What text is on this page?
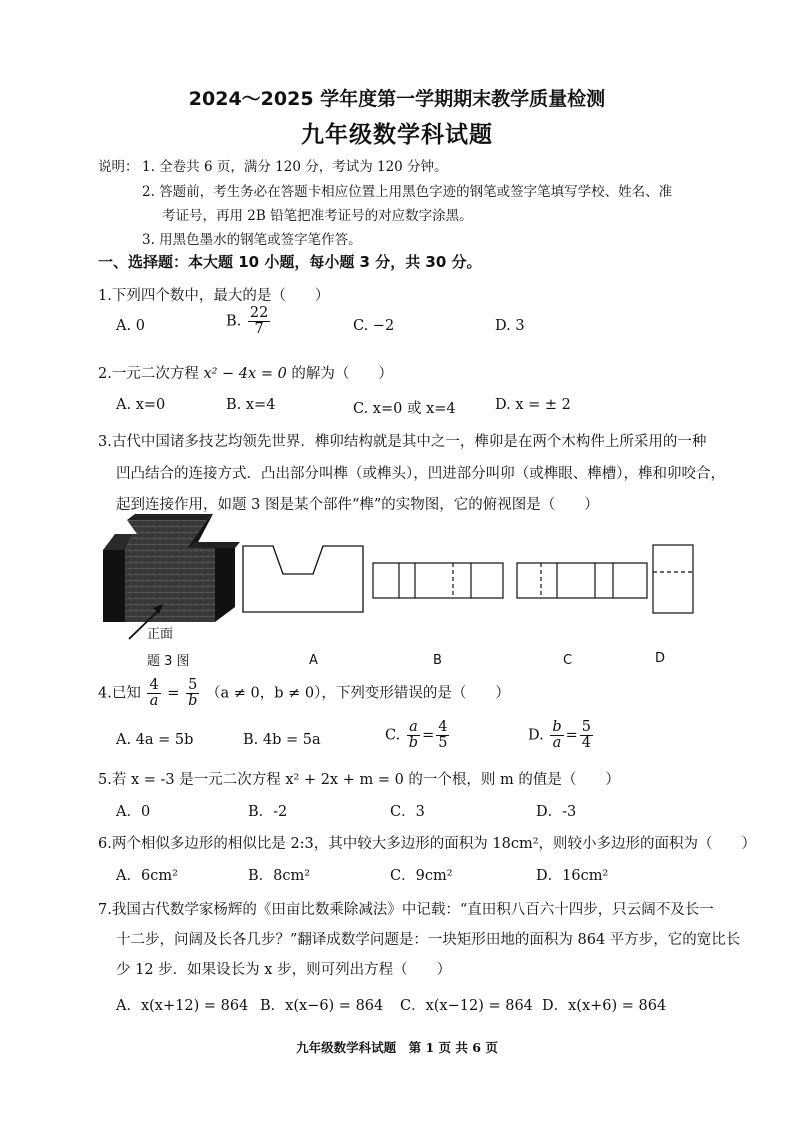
2024～2025 学年度第一学期期末教学质量检测
九年级数学科试题
说明： 1. 全卷共 6 页，满分 120 分，考试为 120 分钟。
2. 答题前，考生务必在答题卡相应位置上用黑色字迹的钢笔或签字笔填写学校、姓名、准
考证号，再用 2B 铅笔把准考证号的对应数字涂黑。
3. 用黑色墨水的钢笔或签字笔作答。
一、选择题：本大题 10 小题，每小题 3 分，共 30 分。
1.下列四个数中，最大的是（　　）
A. 0	B. $\frac{22}{7}$	C. −2	D. 3
2.一元二次方程 x² − 4x = 0 的解为（　　）
A. x=0	B. x=4	C. x=0 或 x=4	D. x = ± 2
3.古代中国诸多技艺均领先世界．榫卯结构就是其中之一，榫卯是在两个木构件上所采用的一种
凹凸结合的连接方式．凸出部分叫榫（或榫头），凹进部分叫卯（或榫眼、榫槽），榫和卯咬合，
起到连接作用，如题 3 图是某个部件“榫”的实物图，它的俯视图是（　　）
正面
题 3 图	A	B	C	D
4.已知 $\frac{4}{a} = \frac{5}{b} (a \ne 0$，b ≠ 0），下列变形错误的是（　　）
A. 4a = 5b	B. 4b = 5a	C. $\frac{a}{b} = \frac{4}{5}$	D. $\frac{b}{a} = \frac{5}{4}$
5.若 x = -3 是一元二次方程 x² + 2x + m = 0 的一个根，则 m 的值是（　　）
A．0	B．-2	C．3	D．-3
6.两个相似多边形的相似比是 2:3，其中较大多边形的面积为 18cm²，则较小多边形的面积为（　　）
A．6cm²	B．8cm²	C．9cm²	D．16cm²
7.我国古代数学家杨辉的《田亩比数乘除减法》中记载：“直田积八百六十四步，只云阔不及长一
十二步，问阔及长各几步？”翻译成数学问题是：一块矩形田地的面积为 864 平方步，它的宽比长
少 12 步．如果设长为 x 步，则可列出方程（　　）
A．x(x+12) = 864 B．x(x−6) = 864 C．x(x−12) = 864 D．x(x+6) = 864
九年级数学科试题　第 1 页 共 6 页
